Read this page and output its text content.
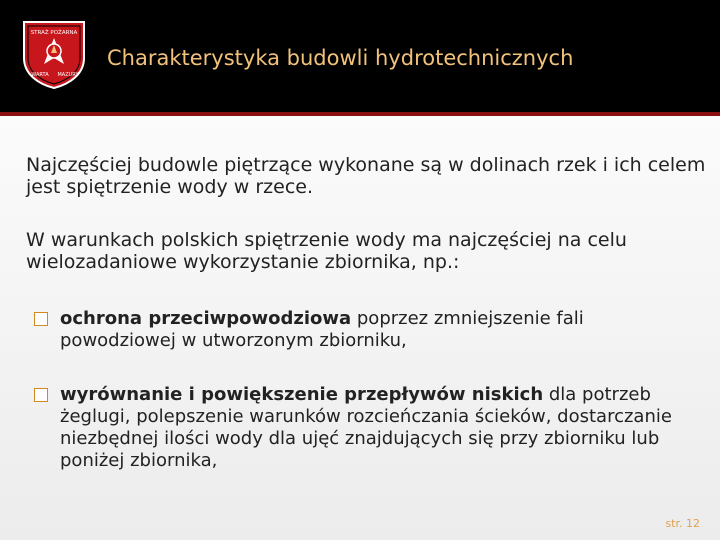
STRAŻ POŻARNA
WARTA MAZURY
Charakterystyka budowli hydrotechnicznych
Najczęściej budowle piętrzące wykonane są w dolinach rzek i ich celem jest spiętrzenie wody w rzece.
W warunkach polskich spiętrzenie wody ma najczęściej na celu wielozadaniowe wykorzystanie zbiornika, np.:
ochrona przeciwpowodziowa poprzez zmniejszenie fali powodziowej w utworzonym zbiorniku,
wyrównanie i powiększenie przepływów niskich dla potrzeb żeglugi, polepszenie warunków rozcieńczania ścieków, dostarczanie niezbędnej ilości wody dla ujęć znajdujących się przy zbiorniku lub poniżej zbiornika,
str. 12
